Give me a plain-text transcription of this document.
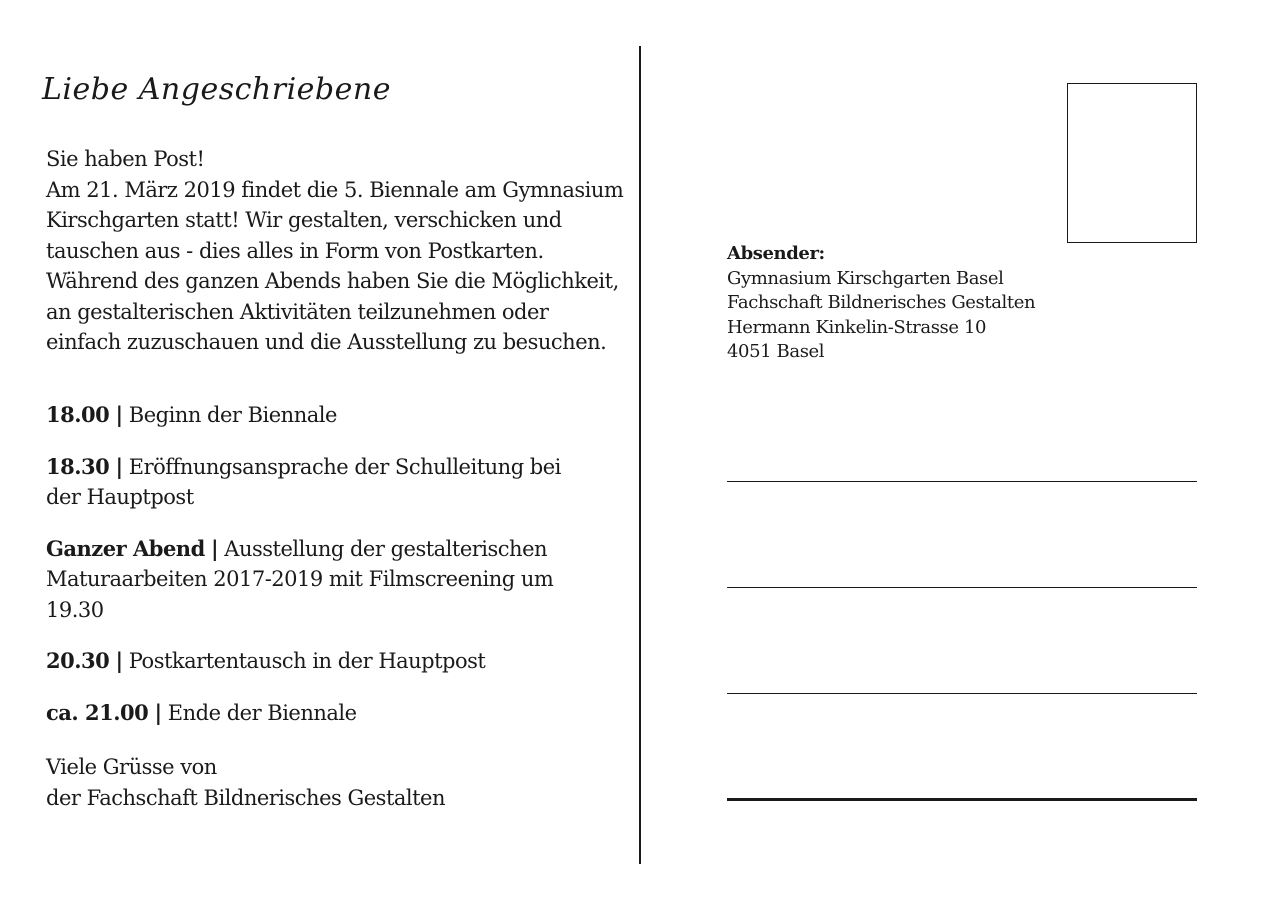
Liebe Angeschriebene

Sie haben Post!

Am 21. März 2019 findet die 5. Biennale am Gymnasium

Kirschgarten statt! Wir gestalten, verschicken und

tauschen aus - dies alles in Form von Postkarten.

Während des ganzen Abends haben Sie die Möglichkeit,

an gestalterischen Aktivitäten teilzunehmen oder

einfach zuzuschauen und die Ausstellung zu besuchen.

18.00 | Beginn der Biennale
18.30 | Eröffnungsansprache der Schulleitung bei der Hauptpost
Ganzer Abend | Ausstellung der gestalterischen Maturaarbeiten 2017-2019 mit Filmscreening um 19.30
20.30 | Postkartentausch in der Hauptpost
ca. 21.00 | Ende der Biennale

Viele Grüsse von

der Fachschaft Bildnerisches Gestalten

Absender:

Gymnasium Kirschgarten Basel

Fachschaft Bildnerisches Gestalten

Hermann Kinkelin-Strasse 10

4051 Basel
